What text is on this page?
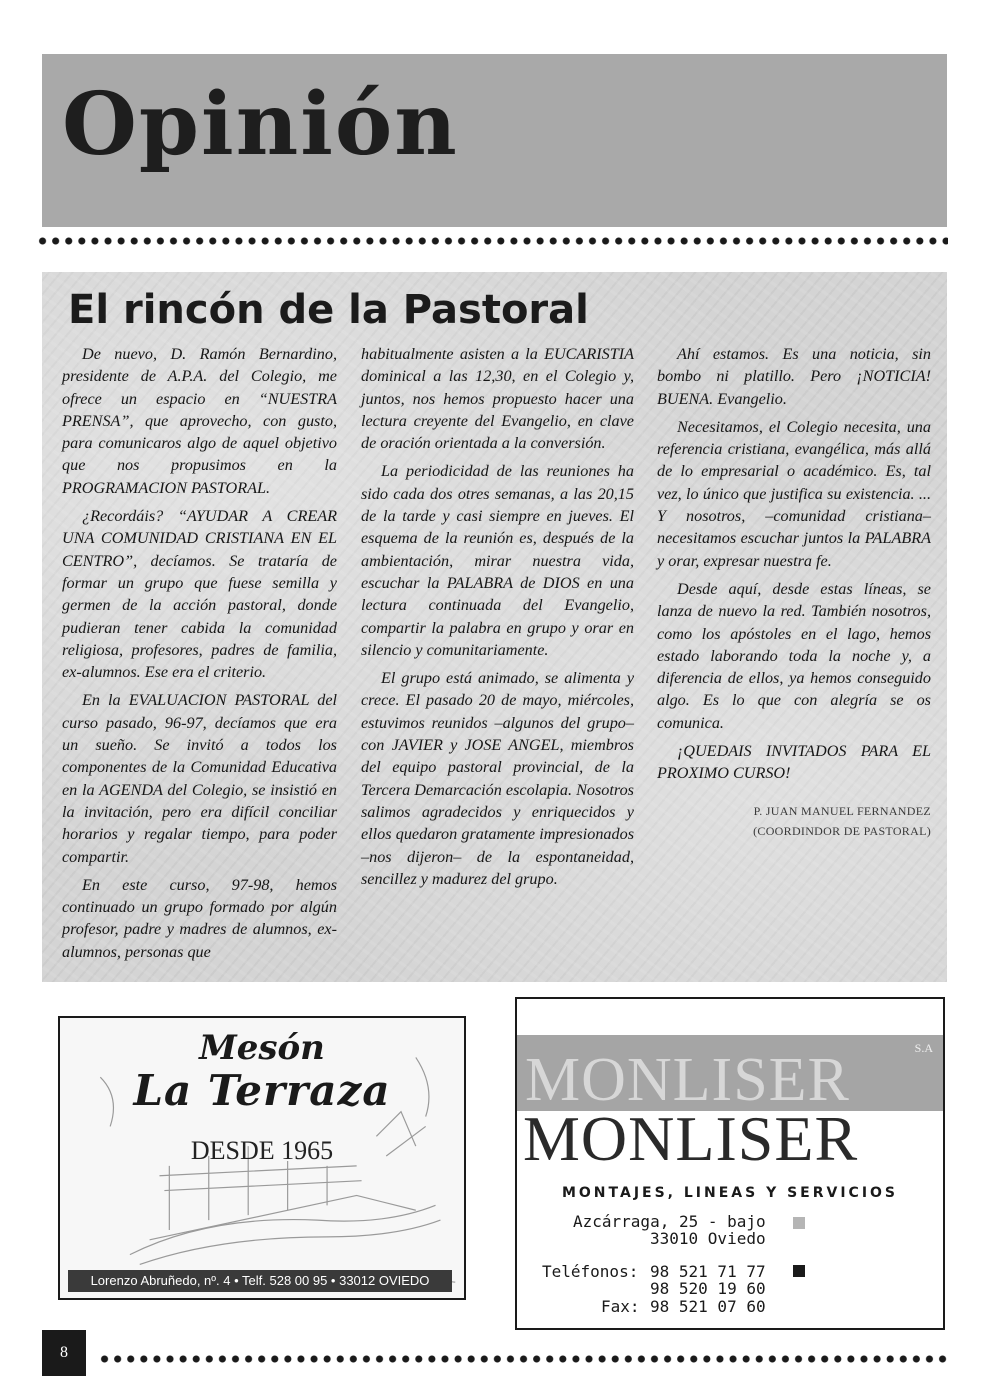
Opinión
El rincón de la Pastoral

De nuevo, D. Ramón Bernardino, presidente de A.P.A. del Colegio, me ofrece un espacio en “NUESTRA PRENSA”, que aprovecho, con gusto, para comunicaros algo de aquel objetivo que nos propusimos en la PROGRAMACION PASTORAL.

¿Recordáis? “AYUDAR A CREAR UNA COMUNIDAD CRISTIANA EN EL CENTRO”, decíamos. Se trataría de formar un grupo que fuese semilla y germen de la acción pastoral, donde pudieran tener cabida la comunidad religiosa, profesores, padres de familia, ex-alumnos. Ese era el criterio.

En la EVALUACION PASTORAL del curso pasado, 96-97, decíamos que era un sueño. Se invitó a todos los componentes de la Comunidad Educativa en la AGENDA del Colegio, se insistió en la invitación, pero era difícil conciliar horarios y regalar tiempo, para poder compartir.

En este curso, 97-98, hemos continuado un grupo formado por algún profesor, padre y madres de alumnos, ex-alumnos, personas que

habitualmente asisten a la EUCARISTIA dominical a las 12,30, en el Colegio y, juntos, nos hemos propuesto hacer una lectura creyente del Evangelio, en clave de oración orientada a la conversión.

La periodicidad de las reuniones ha sido cada dos otres semanas, a las 20,15 de la tarde y casi siempre en jueves. El esquema de la reunión es, después de la ambientación, mirar nuestra vida, escuchar la PALABRA de DIOS en una lectura continuada del Evangelio, compartir la palabra en grupo y orar en silencio y comunitariamente.

El grupo está animado, se alimenta y crece. El pasado 20 de mayo, miércoles, estuvimos reunidos –algunos del grupo– con JAVIER y JOSE ANGEL, miembros del equipo pastoral provincial, de la Tercera Demarcación escolapia. Nosotros salimos agradecidos y enriquecidos y ellos quedaron gratamente impresionados –nos dijeron– de la espontaneidad, sencillez y madurez del grupo.

Ahí estamos. Es una noticia, sin bombo ni platillo. Pero ¡NOTICIA! BUENA. Evangelio.

Necesitamos, el Colegio necesita, una referencia cristiana, evangélica, más allá de lo empresarial o académico. Es, tal vez, lo único que justifica su existencia. ... Y nosotros, –comunidad cristiana– necesitamos escuchar juntos la PALABRA y orar, expresar nuestra fe.

Desde aquí, desde estas líneas, se lanza de nuevo la red. También nosotros, como los apóstoles en el lago, hemos estado laborando toda la noche y, a diferencia de ellos, ya hemos conseguido algo. Es lo que con alegría se os comunica.

¡QUEDAIS INVITADOS PARA EL PROXIMO CURSO!

P. JUAN MANUEL FERNANDEZ
(COORDINDOR DE PASTORAL)
Mesón
La Terraza
DESDE 1965
Lorenzo Abruñedo, nº. 4 • Telf. 528 00 95 • 33012 OVIEDO
MONLISER	S.A
MONLISER
MONTAJES, LINEAS Y SERVICIOS
Azcárraga, 25 - bajo
33010 Oviedo
Teléfonos: 98 521 71 77
98 520 19 60
Fax: 98 521 07 60
8
